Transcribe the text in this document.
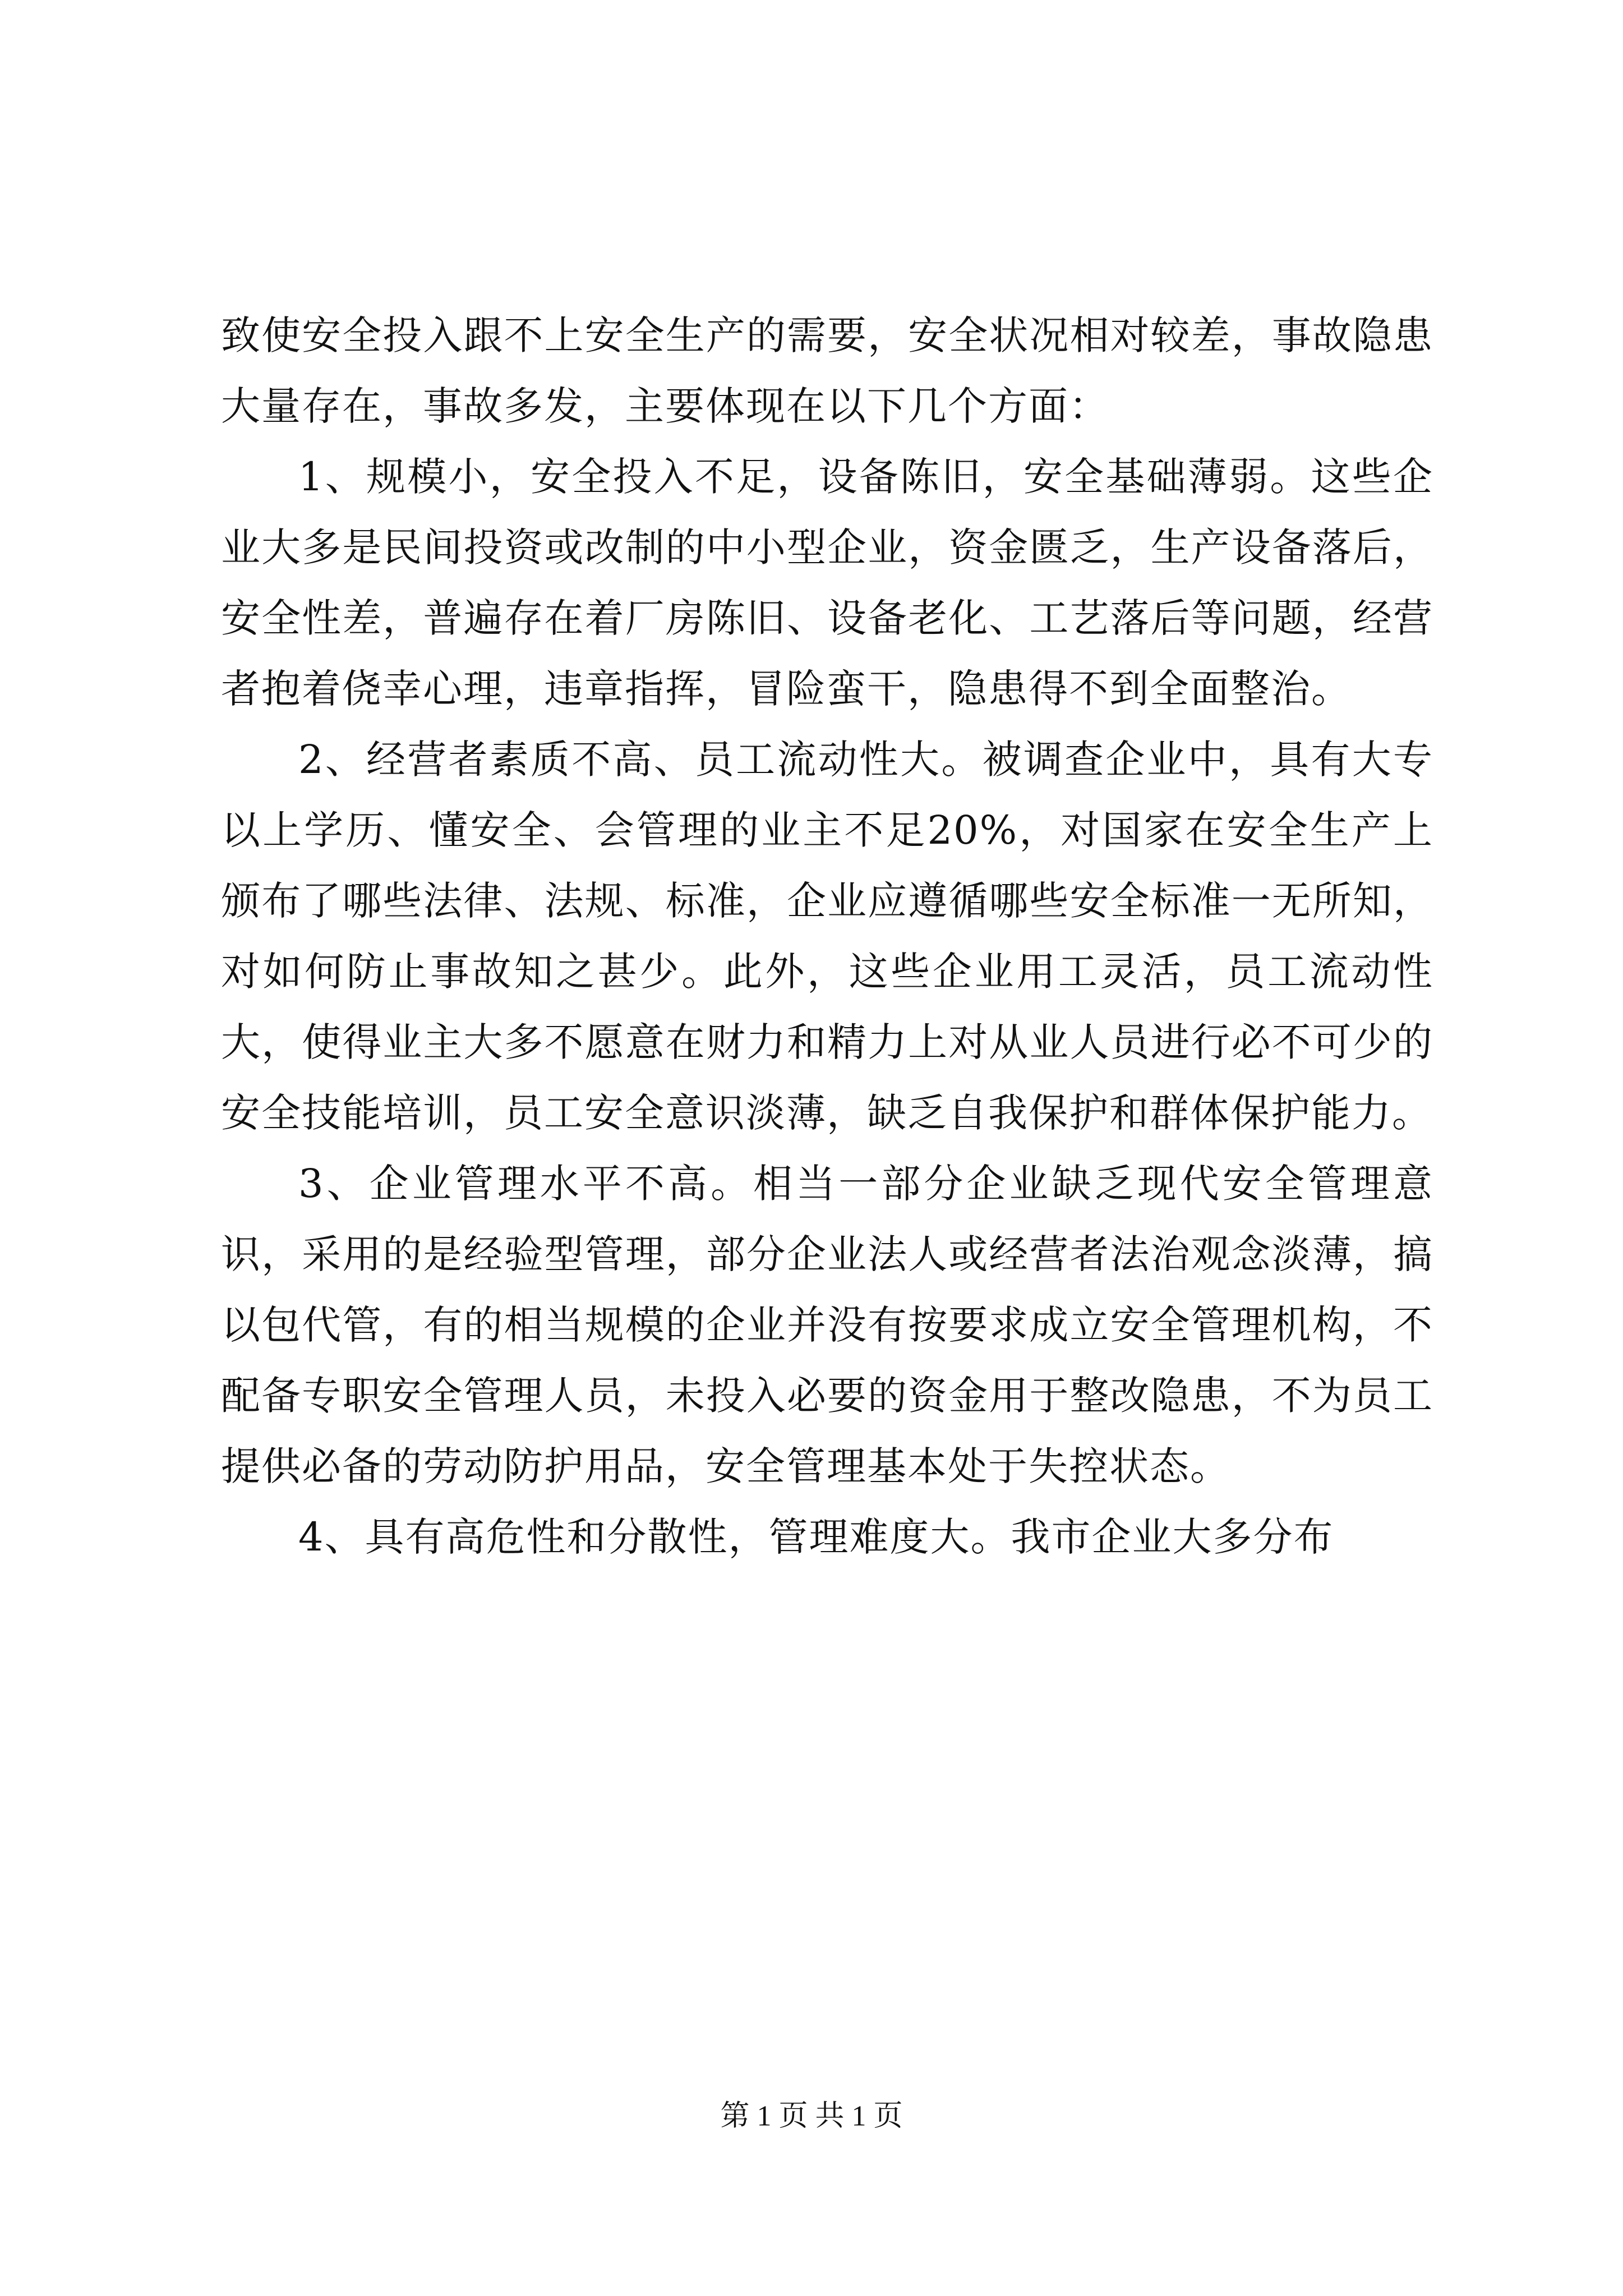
致使安全投入跟不上安全生产的需要，安全状况相对较差，事故隐患大量存在，事故多发，主要体现在以下几个方面：

1、规模小，安全投入不足，设备陈旧，安全基础薄弱。这些企业大多是民间投资或改制的中小型企业，资金匮乏，生产设备落后，安全性差，普遍存在着厂房陈旧、设备老化、工艺落后等问题，经营者抱着侥幸心理，违章指挥，冒险蛮干，隐患得不到全面整治。

2、经营者素质不高、员工流动性大。被调查企业中，具有大专以上学历、懂安全、会管理的业主不足20%，对国家在安全生产上颁布了哪些法律、法规、标准，企业应遵循哪些安全标准一无所知，对如何防止事故知之甚少。此外，这些企业用工灵活，员工流动性大，使得业主大多不愿意在财力和精力上对从业人员进行必不可少的安全技能培训，员工安全意识淡薄，缺乏自我保护和群体保护能力。

3、企业管理水平不高。相当一部分企业缺乏现代安全管理意识，采用的是经验型管理，部分企业法人或经营者法治观念淡薄，搞以包代管，有的相当规模的企业并没有按要求成立安全管理机构，不配备专职安全管理人员，未投入必要的资金用于整改隐患，不为员工提供必备的劳动防护用品，安全管理基本处于失控状态。

4、具有高危性和分散性，管理难度大。我市企业大多分布

第 1 页 共 1 页
